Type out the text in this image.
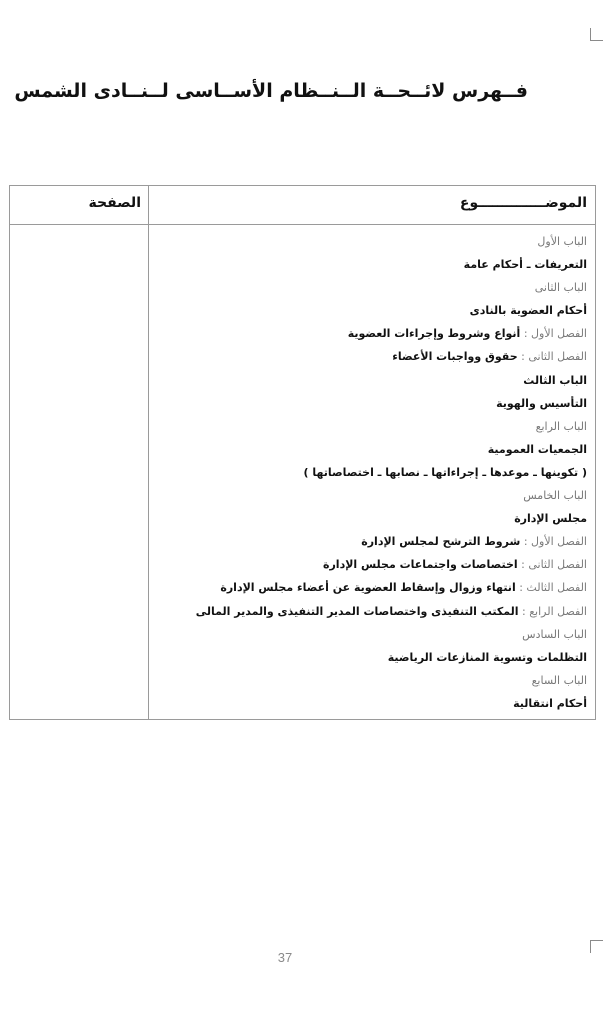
فــهرس لائــحــة الــنــظام الأســاسى لــنــادى الشمس
الموضــــــــــــــوع
الصفحة
الباب الأول
التعريفات ـ أحكام عامة
الباب الثانى
أحكام العضوية بالنادى
الفصل الأول : أنواع وشروط وإجراءات العضوية
الفصل الثانى : حقوق وواجبات الأعضاء
الباب الثالث
التأسيس والهوية
الباب الرابع
الجمعيات العمومية
( تكوينها ـ موعدها ـ إجراءاتها ـ نصابها ـ اختصاصاتها )
الباب الخامس
مجلس الإدارة
الفصل الأول : شروط الترشح لمجلس الإدارة
الفصل الثانى : اختصاصات واجتماعات مجلس الإدارة
الفصل الثالث : انتهاء وزوال وإسقاط العضوية عن أعضاء مجلس الإدارة
الفصل الرابع : المكتب التنفيذى واختصاصات المدير التنفيذى والمدير المالى
الباب السادس
التظلمات وتسوية المنازعات الرياضية
الباب السابع
أحكام انتقالية
37
